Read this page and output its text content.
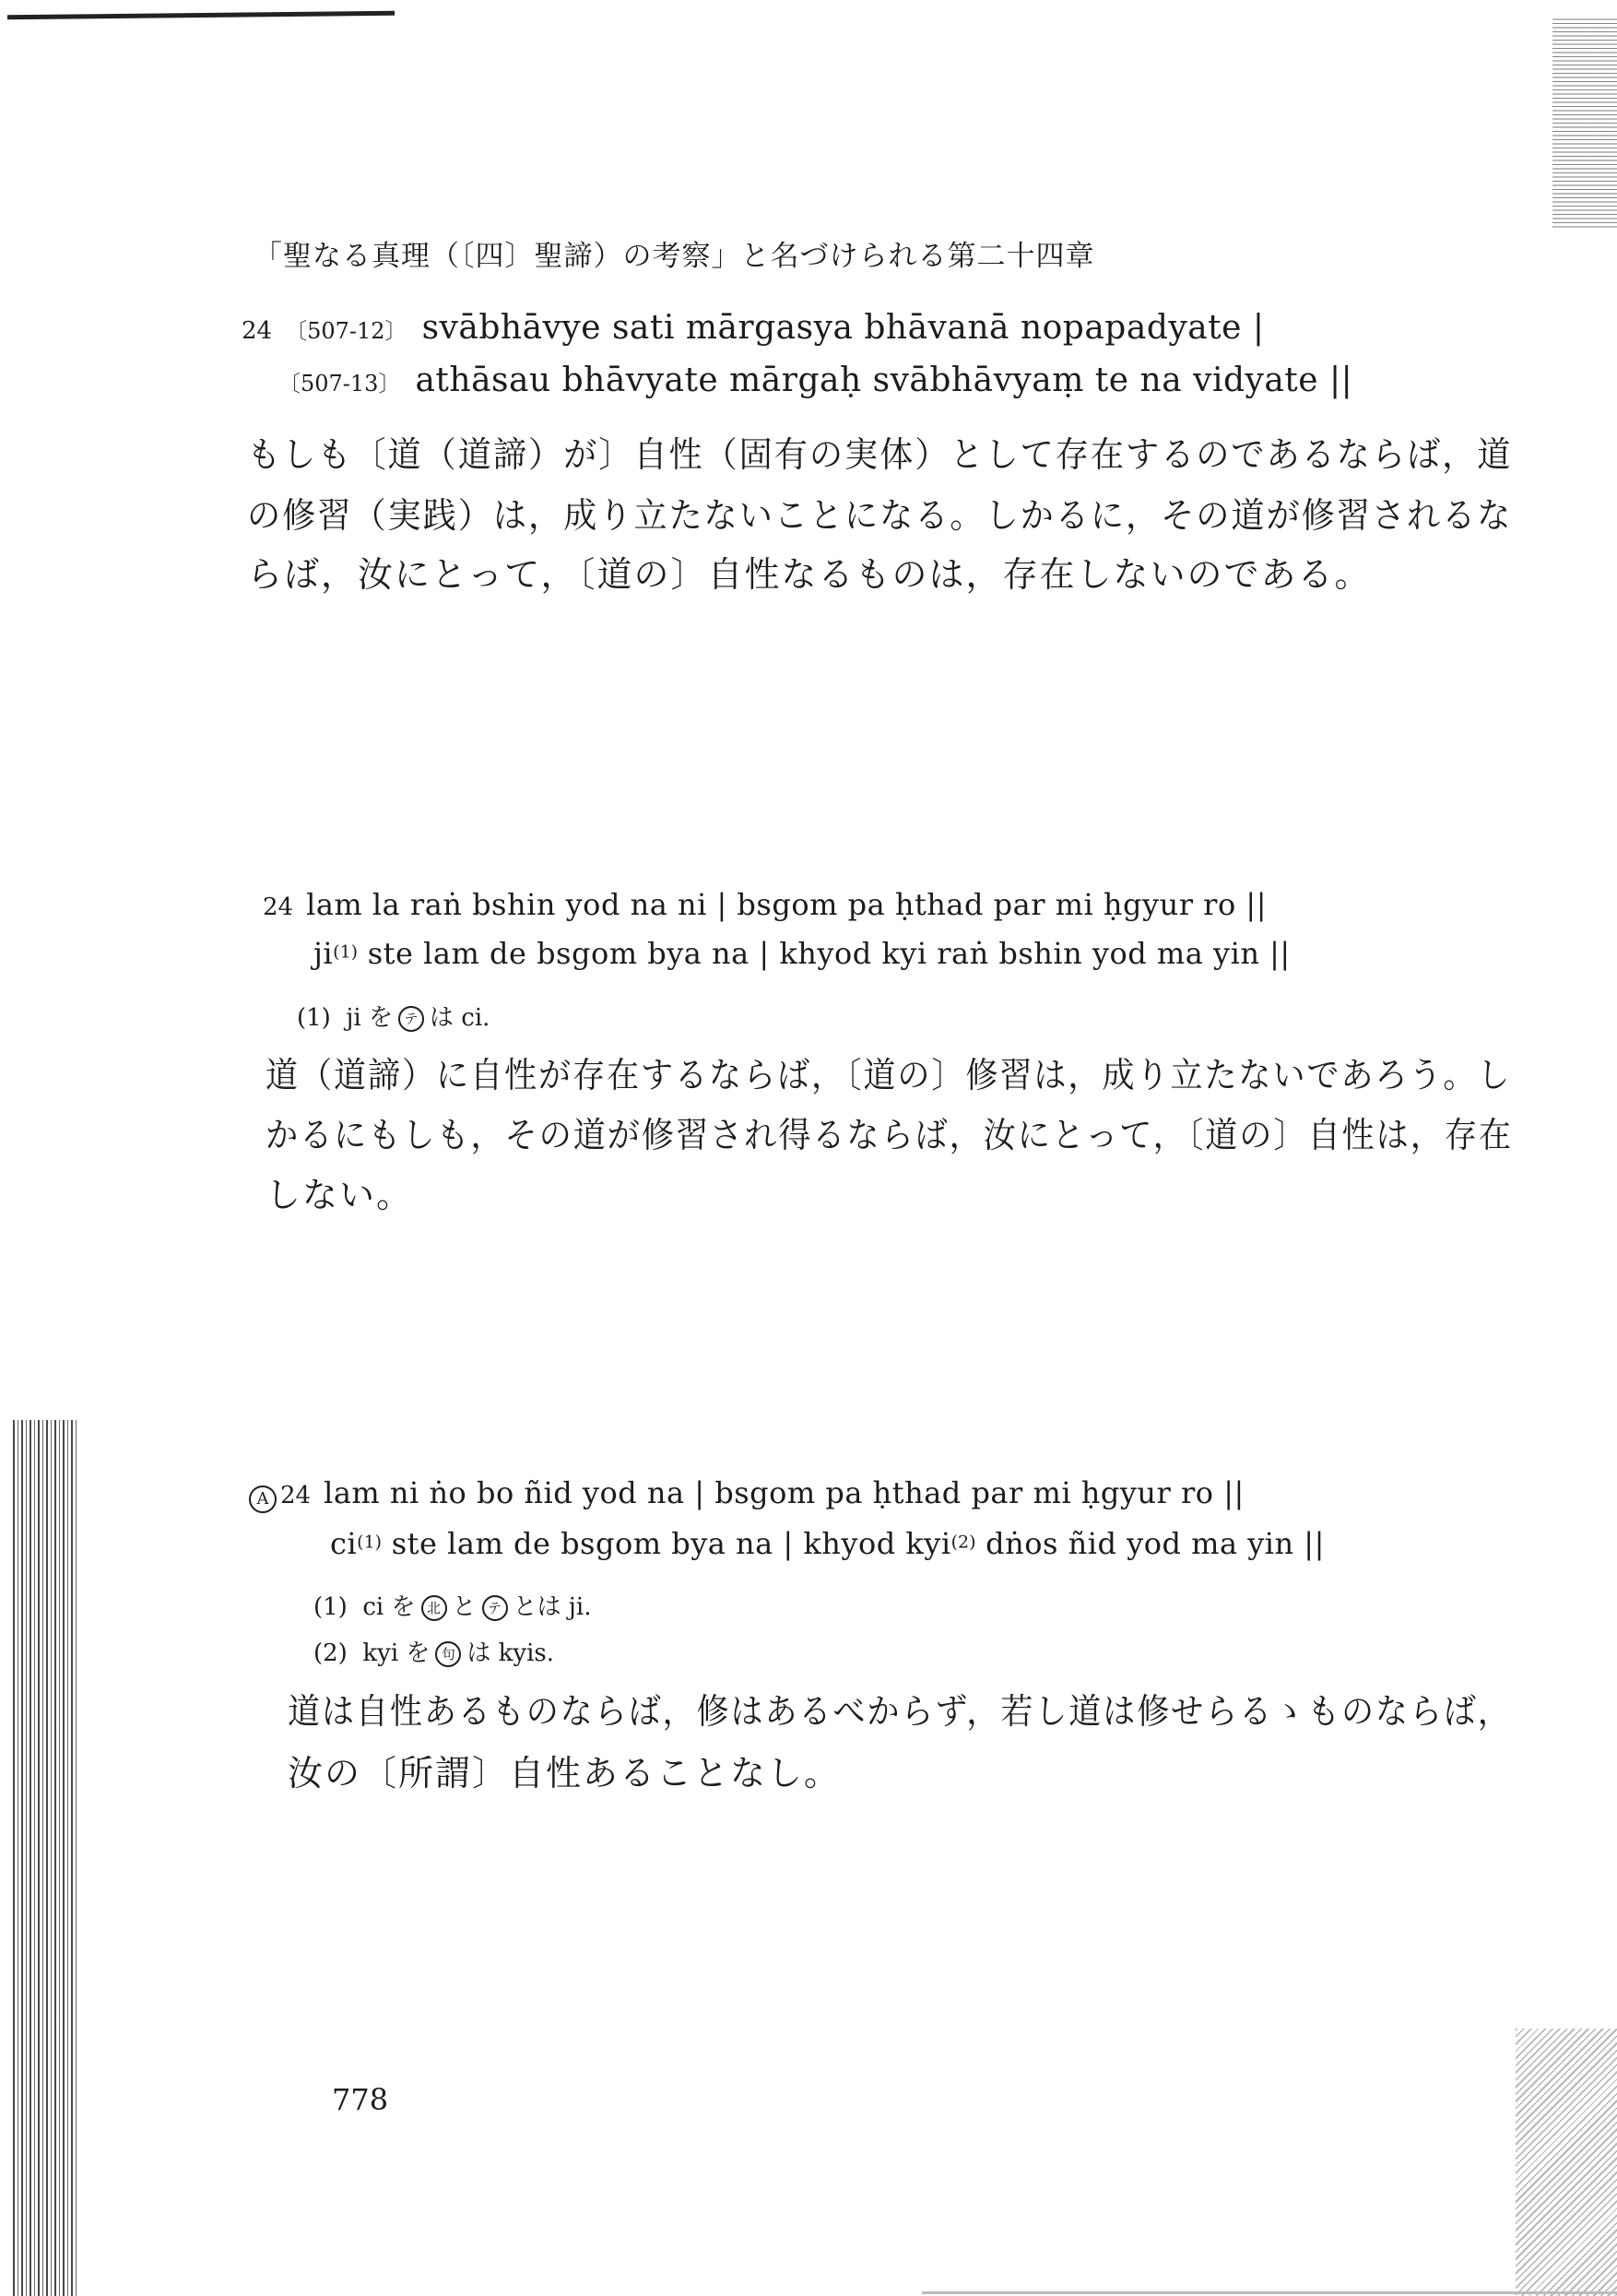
「聖なる真理（〔四〕聖諦）の考察」と名づけられる第二十四章
24 〔507-12〕 svābhāvye sati mārgasya bhāvanā nopapadyate |
〔507-13〕 athāsau bhāvyate mārgaḥ svābhāvyaṃ te na vidyate ||
もしも〔道（道諦）が〕自性（固有の実体）として存在するのであるならば，道
の修習（実践）は，成り立たないことになる。しかるに，その道が修習されるな
らば，汝にとって，〔道の〕自性なるものは，存在しないのである。
24 lam la raṅ bshin yod na ni | bsgom pa ḥthad par mi ḥgyur ro ||
ji(1) ste lam de bsgom bya na | khyod kyi raṅ bshin yod ma yin ||
(1) ji を テ は ci.
道（道諦）に自性が存在するならば，〔道の〕修習は，成り立たないであろう。し
かるにもしも，その道が修習され得るならば，汝にとって，〔道の〕自性は，存在
しない。
A 24 lam ni ṅo bo ñid yod na | bsgom pa ḥthad par mi ḥgyur ro ||
ci(1) ste lam de bsgom bya na | khyod kyi(2) dṅos ñid yod ma yin ||
(1) ci を 北 と テ とは ji.
(2) kyi を 句 は kyis.
道は自性あるものならば，修はあるべからず，若し道は修せらるゝものならば，
汝の〔所謂〕自性あることなし。
778
